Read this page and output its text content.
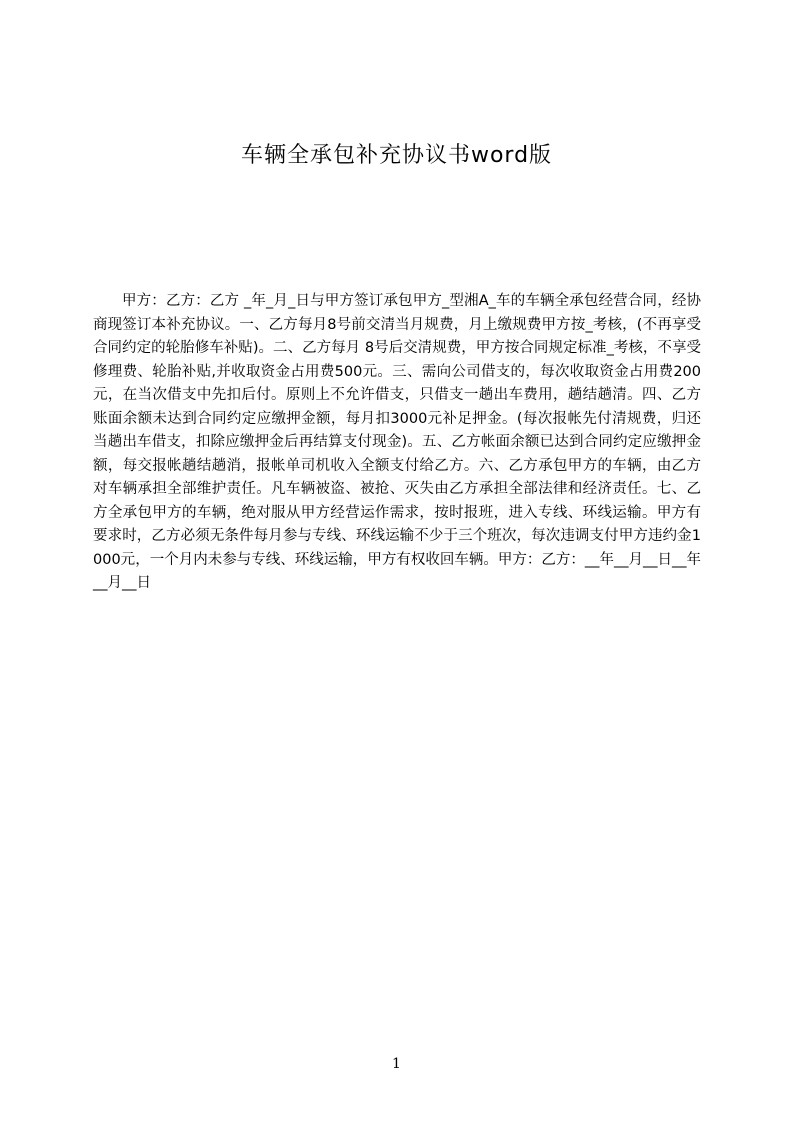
车辆全承包补充协议书word版

甲方：乙方：乙方 _年_月_日与甲方签订承包甲方_型湘A_车的车辆全承包经营合同，经协商现签订本补充协议。一、乙方每月8号前交清当月规费，月上缴规费甲方按_考核，(不再享受合同约定的轮胎修车补贴)。二、乙方每月 8号后交清规费，甲方按合同规定标准_考核，不享受修理费、轮胎补贴,并收取资金占用费500元。三、需向公司借支的，每次收取资金占用费200元，在当次借支中先扣后付。原则上不允许借支，只借支一趟出车费用，趟结趟清。四、乙方账面余额未达到合同约定应缴押金额，每月扣3000元补足押金。(每次报帐先付清规费，归还当趟出车借支，扣除应缴押金后再结算支付现金)。五、乙方帐面余额已达到合同约定应缴押金额，每交报帐趟结趟消，报帐单司机收入全额支付给乙方。六、乙方承包甲方的车辆，由乙方对车辆承担全部维护责任。凡车辆被盗、被抢、灭失由乙方承担全部法律和经济责任。七、乙方全承包甲方的车辆，绝对服从甲方经营运作需求，按时报班，进入专线、环线运输。甲方有要求时，乙方必须无条件每月参与专线、环线运输不少于三个班次，每次违调支付甲方违约金1000元，一个月内未参与专线、环线运输，甲方有权收回车辆。甲方：乙方：__年__月__日__年__月__日

1
